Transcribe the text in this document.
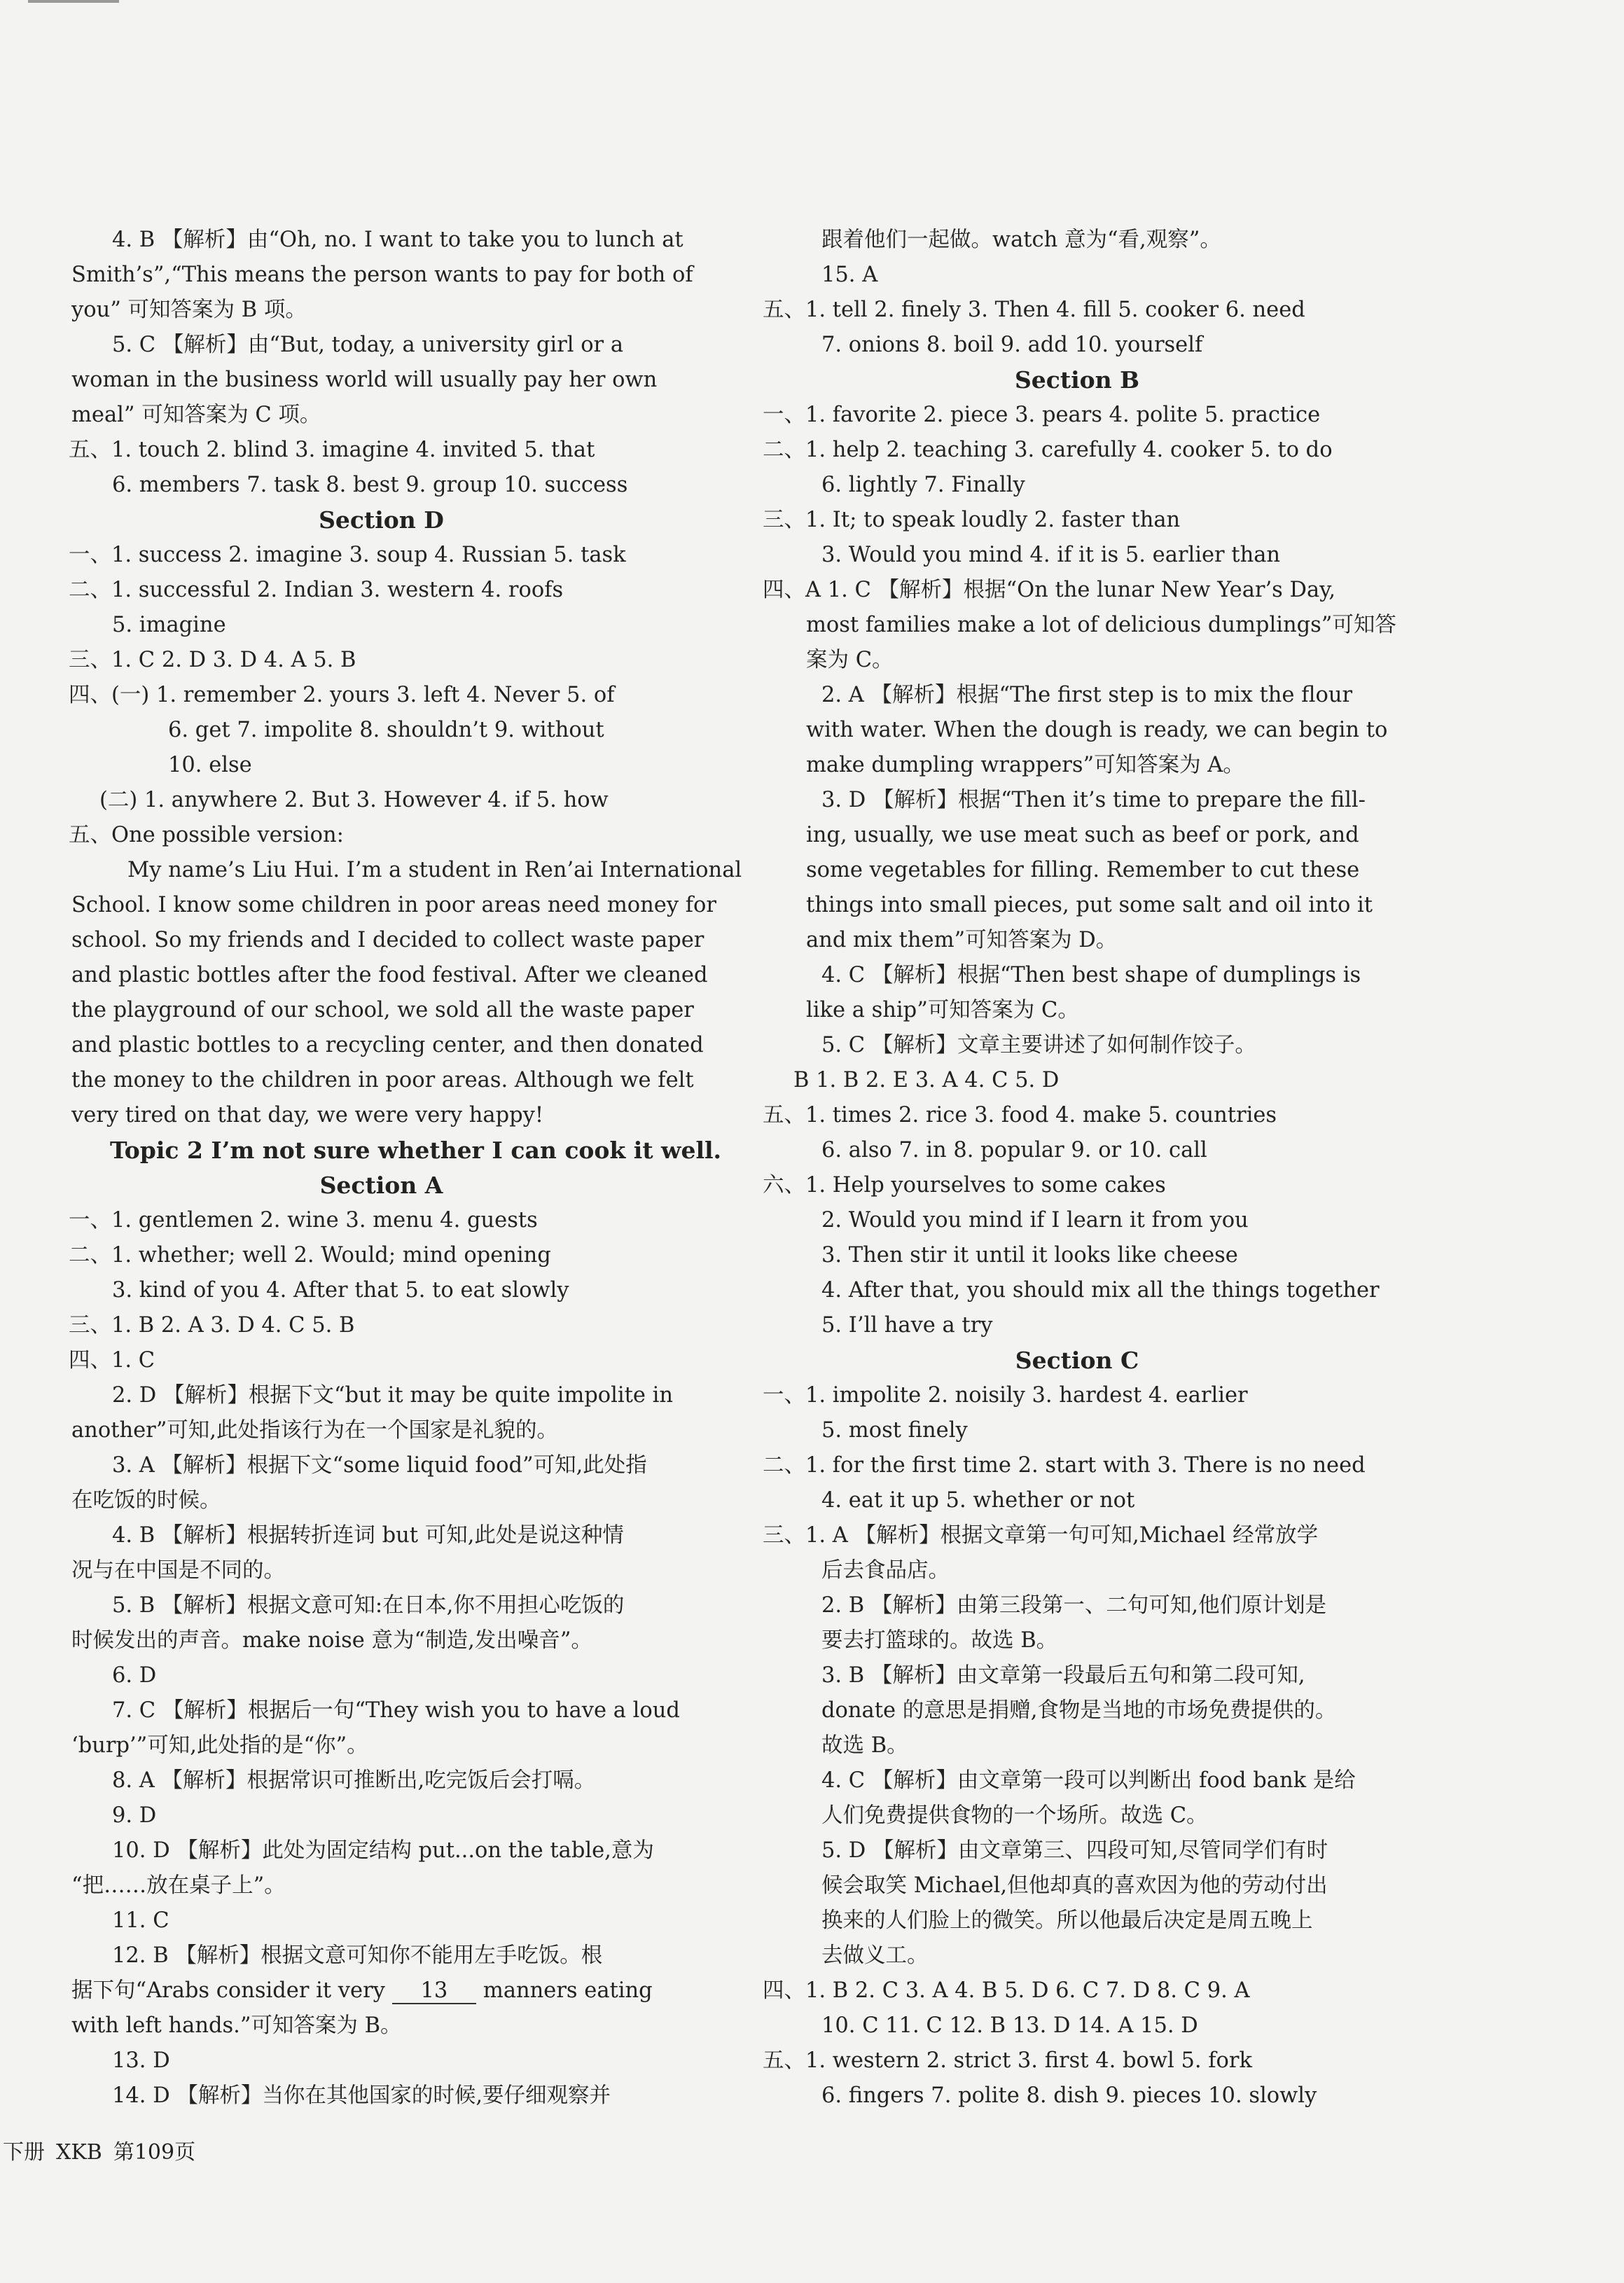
4. B 【解析】由“Oh, no. I want to take you to lunch at
Smith’s”,“This means the person wants to pay for both of
you” 可知答案为 B 项。
5. C 【解析】由“But, today, a university girl or a
woman in the business world will usually pay her own
meal” 可知答案为 C 项。
五、1. touch 2. blind 3. imagine 4. invited 5. that
6. members 7. task 8. best 9. group 10. success
Section D
一、1. success 2. imagine 3. soup 4. Russian 5. task
二、1. successful 2. Indian 3. western 4. roofs
5. imagine
三、1. C 2. D 3. D 4. A 5. B
四、(一) 1. remember 2. yours 3. left 4. Never 5. of
6. get 7. impolite 8. shouldn’t 9. without
10. else
(二) 1. anywhere 2. But 3. However 4. if 5. how
五、One possible version:
My name’s Liu Hui. I’m a student in Ren’ai International
School. I know some children in poor areas need money for
school. So my friends and I decided to collect waste paper
and plastic bottles after the food festival. After we cleaned
the playground of our school, we sold all the waste paper
and plastic bottles to a recycling center, and then donated
the money to the children in poor areas. Although we felt
very tired on that day, we were very happy!
Topic 2 I’m not sure whether I can cook it well.
Section A
一、1. gentlemen 2. wine 3. menu 4. guests
二、1. whether; well 2. Would; mind opening
3. kind of you 4. After that 5. to eat slowly
三、1. B 2. A 3. D 4. C 5. B
四、1. C
2. D 【解析】根据下文“but it may be quite impolite in
another”可知,此处指该行为在一个国家是礼貌的。
3. A 【解析】根据下文“some liquid food”可知,此处指
在吃饭的时候。
4. B 【解析】根据转折连词 but 可知,此处是说这种情
况与在中国是不同的。
5. B 【解析】根据文意可知:在日本,你不用担心吃饭的
时候发出的声音。make noise 意为“制造,发出噪音”。
6. D
7. C 【解析】根据后一句“They wish you to have a loud
‘burp’”可知,此处指的是“你”。
8. A 【解析】根据常识可推断出,吃完饭后会打嗝。
9. D
10. D 【解析】此处为固定结构 put...on the table,意为
“把……放在桌子上”。
11. C
12. B 【解析】根据文意可知你不能用左手吃饭。根
据下句“Arabs consider it very 13 manners eating
with left hands.”可知答案为 B。
13. D
14. D 【解析】当你在其他国家的时候,要仔细观察并
跟着他们一起做。watch 意为“看,观察”。
15. A
五、1. tell 2. finely 3. Then 4. fill 5. cooker 6. need
7. onions 8. boil 9. add 10. yourself
Section B
一、1. favorite 2. piece 3. pears 4. polite 5. practice
二、1. help 2. teaching 3. carefully 4. cooker 5. to do
6. lightly 7. Finally
三、1. It; to speak loudly 2. faster than
3. Would you mind 4. if it is 5. earlier than
四、A 1. C 【解析】根据“On the lunar New Year’s Day,
most families make a lot of delicious dumplings”可知答
案为 C。
2. A 【解析】根据“The first step is to mix the flour
with water. When the dough is ready, we can begin to
make dumpling wrappers”可知答案为 A。
3. D 【解析】根据“Then it’s time to prepare the fill-
ing, usually, we use meat such as beef or pork, and
some vegetables for filling. Remember to cut these
things into small pieces, put some salt and oil into it
and mix them”可知答案为 D。
4. C 【解析】根据“Then best shape of dumplings is
like a ship”可知答案为 C。
5. C 【解析】文章主要讲述了如何制作饺子。
B 1. B 2. E 3. A 4. C 5. D
五、1. times 2. rice 3. food 4. make 5. countries
6. also 7. in 8. popular 9. or 10. call
六、1. Help yourselves to some cakes
2. Would you mind if I learn it from you
3. Then stir it until it looks like cheese
4. After that, you should mix all the things together
5. I’ll have a try
Section C
一、1. impolite 2. noisily 3. hardest 4. earlier
5. most finely
二、1. for the first time 2. start with 3. There is no need
4. eat it up 5. whether or not
三、1. A 【解析】根据文章第一句可知,Michael 经常放学
后去食品店。
2. B 【解析】由第三段第一、二句可知,他们原计划是
要去打篮球的。故选 B。
3. B 【解析】由文章第一段最后五句和第二段可知,
donate 的意思是捐赠,食物是当地的市场免费提供的。
故选 B。
4. C 【解析】由文章第一段可以判断出 food bank 是给
人们免费提供食物的一个场所。故选 C。
5. D 【解析】由文章第三、四段可知,尽管同学们有时
候会取笑 Michael,但他却真的喜欢因为他的劳动付出
换来的人们脸上的微笑。所以他最后决定是周五晚上
去做义工。
四、1. B 2. C 3. A 4. B 5. D 6. C 7. D 8. C 9. A
10. C 11. C 12. B 13. D 14. A 15. D
五、1. western 2. strict 3. first 4. bowl 5. fork
6. fingers 7. polite 8. dish 9. pieces 10. slowly
下册 XKB 第109页
